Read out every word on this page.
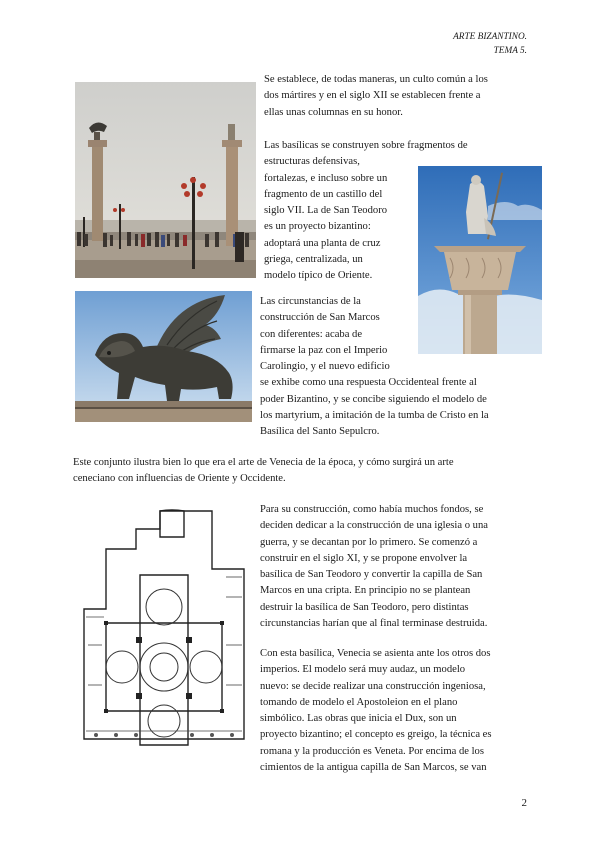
ARTE BIZANTINO.
TEMA 5.
Se establece, de todas maneras, un culto común a los
dos mártires y en el siglo XII se establecen frente a
ellas unas columnas en su honor.
Las basílicas se construyen sobre fragmentos de
estructuras defensivas,
fortalezas, e incluso sobre un
fragmento de un castillo del
siglo VII. La de San Teodoro
es un proyecto bizantino:
adoptará una planta de cruz
griega, centralizada, un
modelo típico de Oriente.
Las circunstancias de la
construcción de San Marcos
con diferentes: acaba de
firmarse la paz con el Imperio
Carolingio, y el nuevo edificio
se exhibe como una respuesta Occidenteal frente al
poder Bizantino, y se concibe siguiendo el modelo de
los martyrium, a imitación de la tumba de Cristo en la
Basílica del Santo Sepulcro.
Este conjunto ilustra bien lo que era el arte de Venecia de la época, y cómo surgirá un arte
ceneciano con influencias de Oriente y Occidente.
Para su construcción, como había muchos fondos, se
deciden dedicar a la construcción de una iglesia o una
guerra, y se decantan por lo primero. Se comenzó a
construir en el siglo XI, y se propone envolver la
basílica de San Teodoro y convertir la capilla de San
Marcos en una cripta. En principio no se plantean
destruir la basílica de San Teodoro, pero distintas
circunstancias harían que al final terminase destruida.
Con esta basílica, Venecia se asienta ante los otros dos
imperios. El modelo será muy audaz, un modelo
nuevo: se decide realizar una construcción ingeniosa,
tomando de modelo el Apostoleion en el plano
simbólico. Las obras que inicia el Dux, son un
proyecto bizantino; el concepto es greigo, la técnica es
romana y la producción es Veneta. Por encima de los
cimientos de la antigua capilla de San Marcos, se van
2
